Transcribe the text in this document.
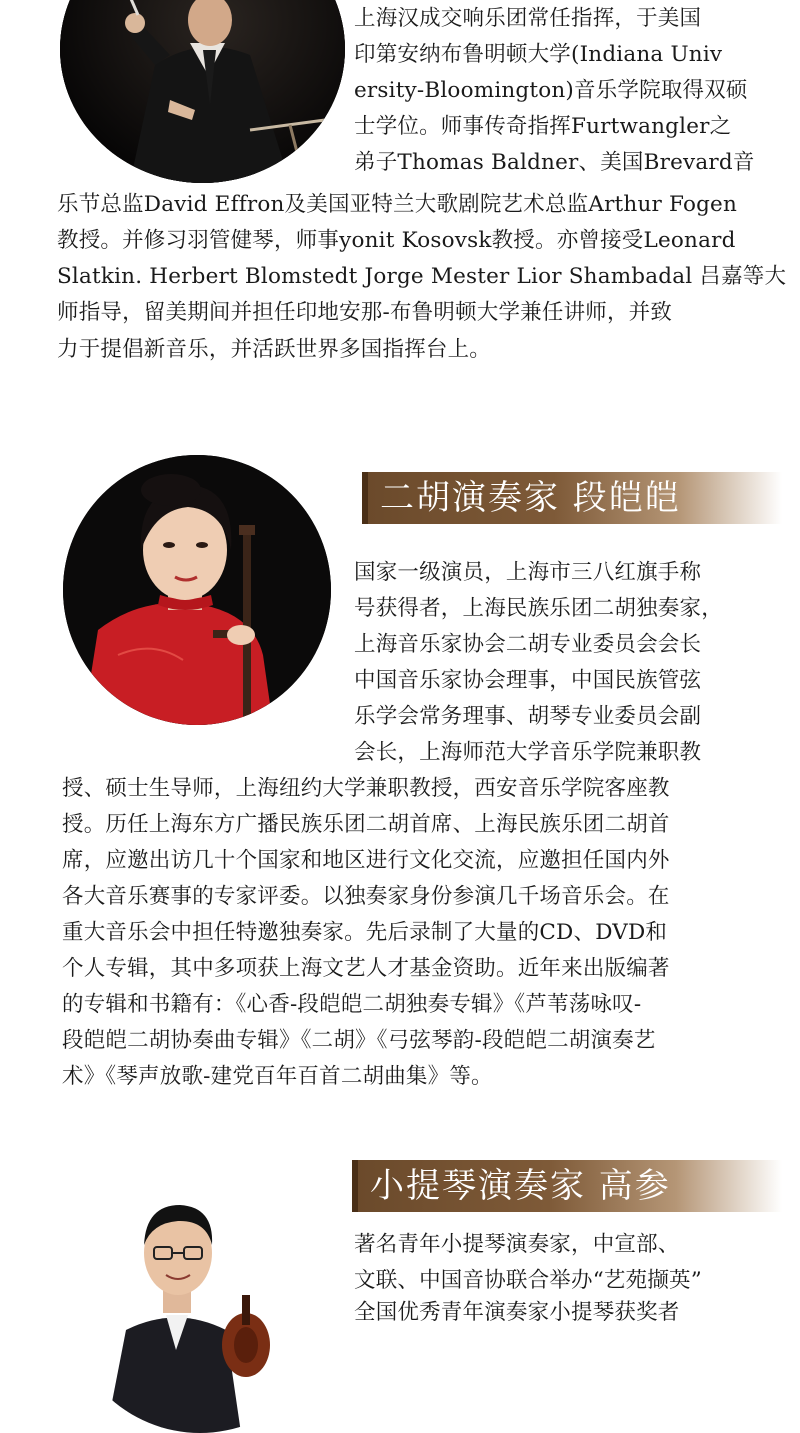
上海汉成交响乐团常任指挥，于美国
印第安纳布鲁明顿大学(Indiana Univ
ersity-Bloomington)音乐学院取得双硕
士学位。师事传奇指挥Furtwangler之
弟子Thomas Baldner、美国Brevard音
乐节总监David Effron及美国亚特兰大歌剧院艺术总监Arthur Fogen
教授。并修习羽管健琴，师事yonit Kosovsk教授。亦曾接受Leonard
Slatkin. Herbert Blomstedt Jorge Mester Lior Shambadal 吕嘉等大
师指导，留美期间并担任印地安那-布鲁明顿大学兼任讲师，并致
力于提倡新音乐，并活跃世界多国指挥台上。
二胡演奏家 段皑皑
国家一级演员，上海市三八红旗手称
号获得者，上海民族乐团二胡独奏家，
上海音乐家协会二胡专业委员会会长
中国音乐家协会理事，中国民族管弦
乐学会常务理事、胡琴专业委员会副
会长，上海师范大学音乐学院兼职教
授、硕士生导师，上海纽约大学兼职教授，西安音乐学院客座教
授。历任上海东方广播民族乐团二胡首席、上海民族乐团二胡首
席，应邀出访几十个国家和地区进行文化交流，应邀担任国内外
各大音乐赛事的专家评委。以独奏家身份参演几千场音乐会。在
重大音乐会中担任特邀独奏家。先后录制了大量的CD、DVD和
个人专辑，其中多项获上海文艺人才基金资助。近年来出版编著
的专辑和书籍有：《心香-段皑皑二胡独奏专辑》《芦苇荡咏叹-
段皑皑二胡协奏曲专辑》《二胡》《弓弦琴韵-段皑皑二胡演奏艺
术》《琴声放歌-建党百年百首二胡曲集》等。
小提琴演奏家 高参
著名青年小提琴演奏家，中宣部、
文联、中国音协联合举办“艺苑撷英”
全国优秀青年演奏家小提琴获奖者
